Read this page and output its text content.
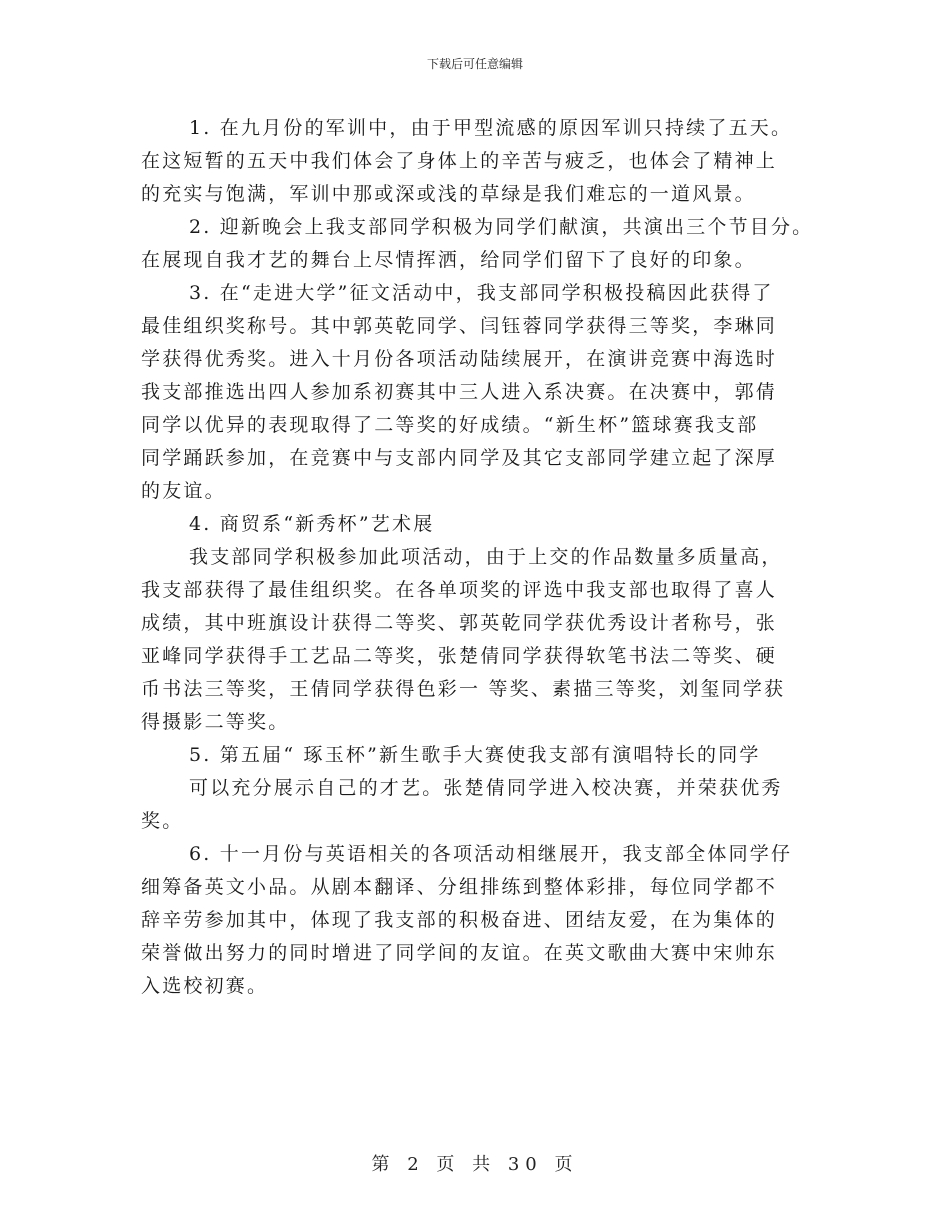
下载后可任意编辑
1. 在九月份的军训中，由于甲型流感的原因军训只持续了五天。
在这短暂的五天中我们体会了身体上的辛苦与疲乏，也体会了精神上
的充实与饱满，军训中那或深或浅的草绿是我们难忘的一道风景。
2. 迎新晚会上我支部同学积极为同学们献演，共演出三个节目分。
在展现自我才艺的舞台上尽情挥洒，给同学们留下了良好的印象。
3. 在“走进大学”征文活动中，我支部同学积极投稿因此获得了
最佳组织奖称号。其中郭英乾同学、闫钰蓉同学获得三等奖，李琳同
学获得优秀奖。进入十月份各项活动陆续展开，在演讲竞赛中海选时
我支部推选出四人参加系初赛其中三人进入系决赛。在决赛中，郭倩
同学以优异的表现取得了二等奖的好成绩。“新生杯”篮球赛我支部
同学踊跃参加，在竞赛中与支部内同学及其它支部同学建立起了深厚
的友谊。
4. 商贸系“新秀杯”艺术展
我支部同学积极参加此项活动，由于上交的作品数量多质量高，
我支部获得了最佳组织奖。在各单项奖的评选中我支部也取得了喜人
成绩，其中班旗设计获得二等奖、郭英乾同学获优秀设计者称号，张
亚峰同学获得手工艺品二等奖，张楚倩同学获得软笔书法二等奖、硬
币书法三等奖，王倩同学获得色彩一 等奖、素描三等奖，刘玺同学获
得摄影二等奖。
5. 第五届“ 琢玉杯”新生歌手大赛使我支部有演唱特长的同学
可以充分展示自己的才艺。张楚倩同学进入校决赛，并荣获优秀
奖。
6. 十一月份与英语相关的各项活动相继展开，我支部全体同学仔
细筹备英文小品。从剧本翻译、分组排练到整体彩排，每位同学都不
辞辛劳参加其中，体现了我支部的积极奋进、团结友爱，在为集体的
荣誉做出努力的同时增进了同学间的友谊。在英文歌曲大赛中宋帅东
入选校初赛。
第 2 页 共 30 页
